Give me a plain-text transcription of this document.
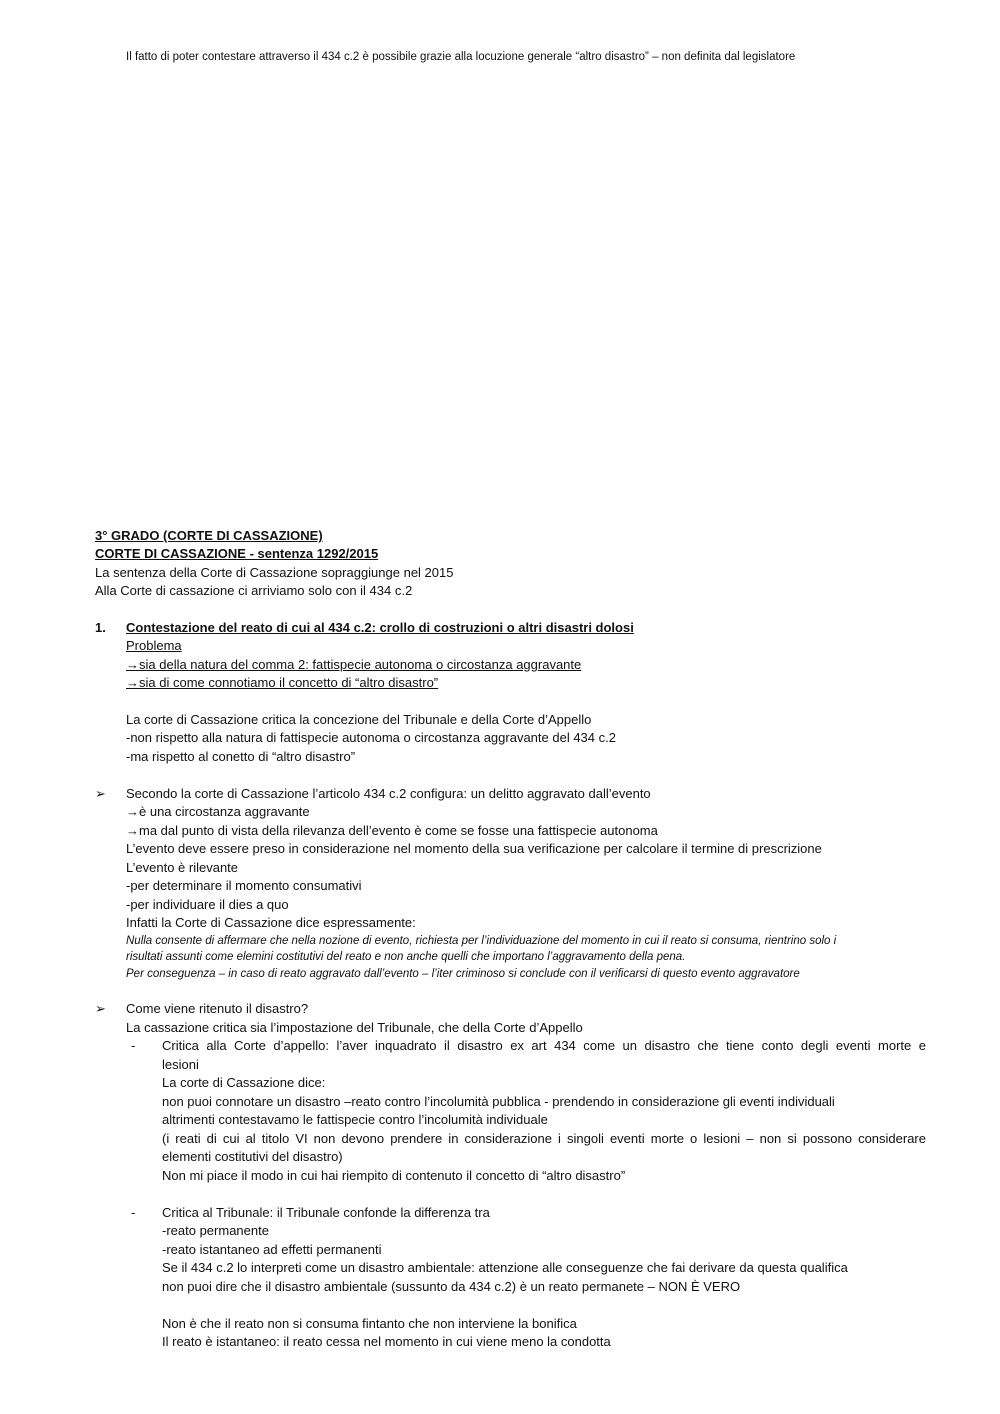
Il fatto di poter contestare attraverso il 434 c.2 è possibile grazie alla locuzione generale “altro disastro” – non definita dal legislatore
3° GRADO (CORTE DI CASSAZIONE)
CORTE DI CASSAZIONE - sentenza 1292/2015
La sentenza della Corte di Cassazione sopraggiunge nel 2015
Alla Corte di cassazione ci arriviamo solo con il 434 c.2
1. Contestazione del reato di cui al 434 c.2: crollo di costruzioni o altri disastri dolosi
Problema
→sia della natura del comma 2: fattispecie autonoma o circostanza aggravante
→sia di come connotiamo il concetto di “altro disastro”
La corte di Cassazione critica la concezione del Tribunale e della Corte d’Appello
-non rispetto alla natura di fattispecie autonoma o circostanza aggravante del 434 c.2
-ma rispetto al conetto di “altro disastro”
➢ Secondo la corte di Cassazione l’articolo 434 c.2 configura: un delitto aggravato dall’evento
→è una circostanza aggravante
→ma dal punto di vista della rilevanza dell’evento è come se fosse una fattispecie autonoma
L’evento deve essere preso in considerazione nel momento della sua verificazione per calcolare il termine di prescrizione
L’evento è rilevante
-per determinare il momento consumativi
-per individuare il dies a quo
Infatti la Corte di Cassazione dice espressamente:
Nulla consente di affermare che nella nozione di evento, richiesta per l’individuazione del momento in cui il reato si consuma, rientrino solo i
risultati assunti come elemini costitutivi del reato e non anche quelli che importano l’aggravamento della pena.
Per conseguenza – in caso di reato aggravato dall’evento – l’iter criminoso si conclude con il verificarsi di questo evento aggravatore
➢ Come viene ritenuto il disastro?
La cassazione critica sia l’impostazione del Tribunale, che della Corte d’Appello
- Critica alla Corte d’appello: l’aver inquadrato il disastro ex art 434 come un disastro che tiene conto degli eventi morte e
lesioni
La corte di Cassazione dice:
non puoi connotare un disastro –reato contro l’incolumità pubblica - prendendo in considerazione gli eventi individuali
altrimenti contestavamo le fattispecie contro l’incolumità individuale
(i reati di cui al titolo VI non devono prendere in considerazione i singoli eventi morte o lesioni – non si possono considerare
elementi costitutivi del disastro)
Non mi piace il modo in cui hai riempito di contenuto il concetto di “altro disastro”
- Critica al Tribunale: il Tribunale confonde la differenza tra
-reato permanente
-reato istantaneo ad effetti permanenti
Se il 434 c.2 lo interpreti come un disastro ambientale: attenzione alle conseguenze che fai derivare da questa qualifica
non puoi dire che il disastro ambientale (sussunto da 434 c.2) è un reato permanete – NON È VERO
Non è che il reato non si consuma fintanto che non interviene la bonifica
Il reato è istantaneo: il reato cessa nel momento in cui viene meno la condotta
